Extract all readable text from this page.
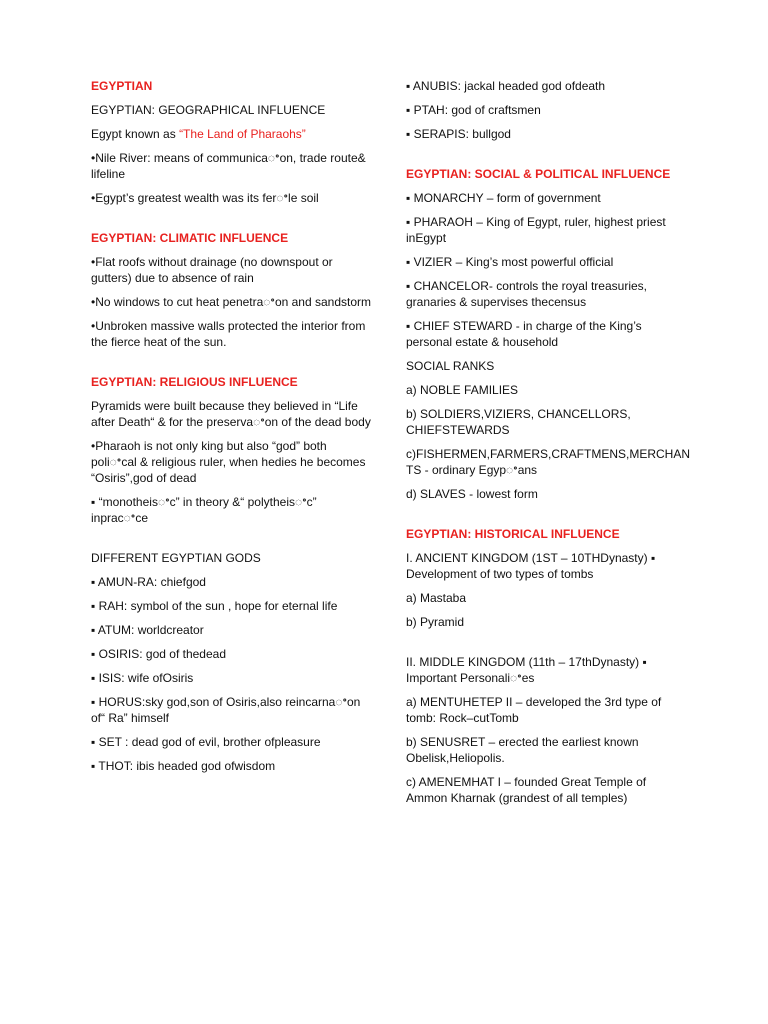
EGYPTIAN

EGYPTIAN: GEOGRAPHICAL INFLUENCE

Egypt known as “The Land of Pharaohs”

•Nile River: means of communicaꢀon, trade route& lifeline

•Egypt’s greatest wealth was its ferꢀle soil

EGYPTIAN: CLIMATIC INFLUENCE

•Flat roofs without drainage (no downspout or gutters) due to absence of rain

•No windows to cut heat penetraꢀon and sandstorm

•Unbroken massive walls protected the interior from the fierce heat of the sun.

EGYPTIAN: RELIGIOUS INFLUENCE

Pyramids were built because they believed in “Life after Death“ & for the preservaꢀon of the dead body

•Pharaoh is not only king but also “god” both poliꢀcal & religious ruler, when hedies he becomes “Osiris”,god of dead

▪ “monotheisꢀc” in theory &“ polytheisꢀc” inpracꢀce

DIFFERENT EGYPTIAN GODS

▪ AMUN-RA: chiefgod

▪ RAH: symbol of the sun , hope for eternal life

▪ ATUM: worldcreator

▪ OSIRIS: god of thedead

▪ ISIS: wife ofOsiris

▪ HORUS:sky god,son of Osiris,also reincarnaꢀon of“ Ra” himself

▪ SET : dead god of evil, brother ofpleasure

▪ THOT: ibis headed god ofwisdom

▪ ANUBIS: jackal headed god ofdeath

▪ PTAH: god of craftsmen

▪ SERAPIS: bullgod

EGYPTIAN: SOCIAL & POLITICAL INFLUENCE

▪ MONARCHY – form of government

▪ PHARAOH – King of Egypt, ruler, highest priest inEgypt

▪ VIZIER – King’s most powerful official

▪ CHANCELOR- controls the royal treasuries, granaries & supervises thecensus

▪ CHIEF STEWARD - in charge of the King’s personal estate & household

SOCIAL RANKS

a) NOBLE FAMILIES

b) SOLDIERS,VIZIERS, CHANCELLORS, CHIEFSTEWARDS

c)FISHERMEN,FARMERS,CRAFTMENS,MERCHAN TS - ordinary Egypꢀans

d) SLAVES - lowest form

EGYPTIAN: HISTORICAL INFLUENCE

I. ANCIENT KINGDOM (1ST – 10THDynasty) ▪ Development of two types of tombs

a) Mastaba

b) Pyramid

II. MIDDLE KINGDOM (11th – 17thDynasty) ▪ Important Personaliꢀes

a) MENTUHETEP II – developed the 3rd type of tomb: Rock–cutTomb

b) SENUSRET – erected the earliest known Obelisk,Heliopolis.

c) AMENEMHAT I – founded Great Temple of Ammon Kharnak (grandest of all temples)
